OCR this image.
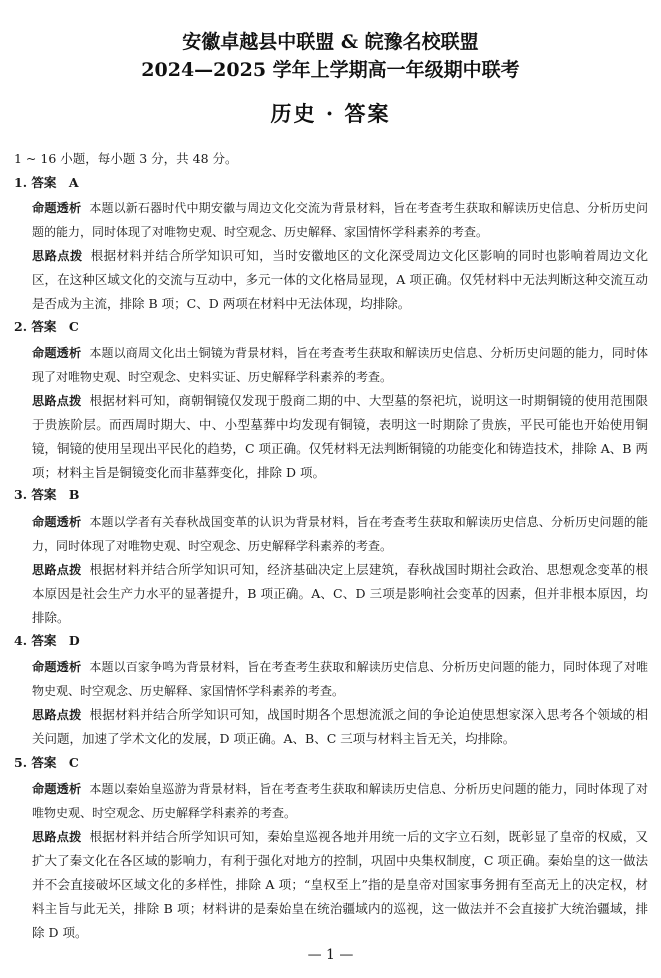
安徽卓越县中联盟 & 皖豫名校联盟
2024—2025 学年上学期高一年级期中联考
历史 · 答案
1 ~ 16 小题，每小题 3 分，共 48 分。
1. 答案　A
命题透析 本题以新石器时代中期安徽与周边文化交流为背景材料，旨在考查考生获取和解读历史信息、分析历史问题的能力，同时体现了对唯物史观、时空观念、历史解释、家国情怀学科素养的考查。
思路点拨 根据材料并结合所学知识可知，当时安徽地区的文化深受周边文化区影响的同时也影响着周边文化区，在这种区域文化的交流与互动中，多元一体的文化格局显现，A 项正确。仅凭材料中无法判断这种交流互动是否成为主流，排除 B 项；C、D 两项在材料中无法体现，均排除。
2. 答案　C
命题透析 本题以商周文化出土铜镜为背景材料，旨在考查考生获取和解读历史信息、分析历史问题的能力，同时体现了对唯物史观、时空观念、史料实证、历史解释学科素养的考查。
思路点拨 根据材料可知，商朝铜镜仅发现于殷商二期的中、大型墓的祭祀坑，说明这一时期铜镜的使用范围限于贵族阶层。而西周时期大、中、小型墓葬中均发现有铜镜，表明这一时期除了贵族，平民可能也开始使用铜镜，铜镜的使用呈现出平民化的趋势，C 项正确。仅凭材料无法判断铜镜的功能变化和铸造技术，排除 A、B 两项；材料主旨是铜镜变化而非墓葬变化，排除 D 项。
3. 答案　B
命题透析 本题以学者有关春秋战国变革的认识为背景材料，旨在考查考生获取和解读历史信息、分析历史问题的能力，同时体现了对唯物史观、时空观念、历史解释学科素养的考查。
思路点拨 根据材料并结合所学知识可知，经济基础决定上层建筑，春秋战国时期社会政治、思想观念变革的根本原因是社会生产力水平的显著提升，B 项正确。A、C、D 三项是影响社会变革的因素，但并非根本原因，均排除。
4. 答案　D
命题透析 本题以百家争鸣为背景材料，旨在考查考生获取和解读历史信息、分析历史问题的能力，同时体现了对唯物史观、时空观念、历史解释、家国情怀学科素养的考查。
思路点拨 根据材料并结合所学知识可知，战国时期各个思想流派之间的争论迫使思想家深入思考各个领域的相关问题，加速了学术文化的发展，D 项正确。A、B、C 三项与材料主旨无关，均排除。
5. 答案　C
命题透析 本题以秦始皇巡游为背景材料，旨在考查考生获取和解读历史信息、分析历史问题的能力，同时体现了对唯物史观、时空观念、历史解释学科素养的考查。
思路点拨 根据材料并结合所学知识可知，秦始皇巡视各地并用统一后的文字立石刻，既彰显了皇帝的权威，又扩大了秦文化在各区域的影响力，有利于强化对地方的控制，巩固中央集权制度，C 项正确。秦始皇的这一做法并不会直接破坏区域文化的多样性，排除 A 项；“皇权至上”指的是皇帝对国家事务拥有至高无上的决定权，材料主旨与此无关，排除 B 项；材料讲的是秦始皇在统治疆域内的巡视，这一做法并不会直接扩大统治疆域，排除 D 项。
— 1 —
